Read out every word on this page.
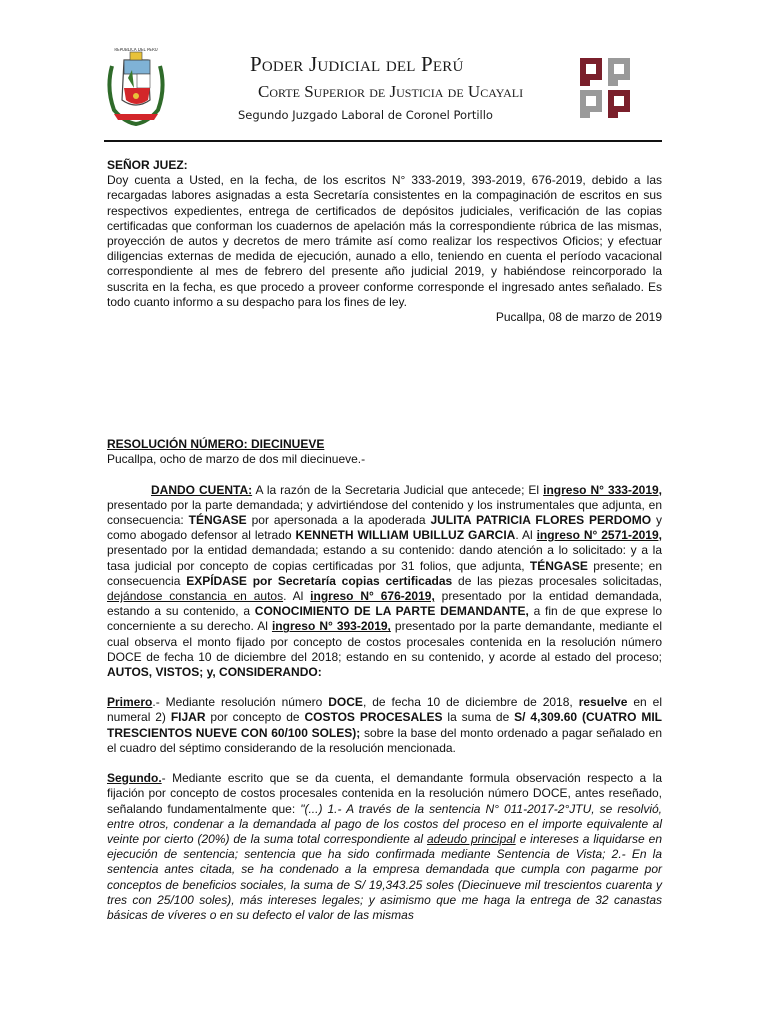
REPUBLICA DEL PERU
Poder Judicial del Perú
Corte Superior de Justicia de Ucayali
Segundo Juzgado Laboral de Coronel Portillo

SEÑOR JUEZ:

Doy cuenta a Usted, en la fecha, de los escritos N° 333-2019, 393-2019, 676-2019, debido a las recargadas labores asignadas a esta Secretaría consistentes en la compaginación de escritos en sus respectivos expedientes, entrega de certificados de depósitos judiciales, verificación de las copias certificadas que conforman los cuadernos de apelación más la correspondiente rúbrica de las mismas, proyección de autos y decretos de mero trámite así como realizar los respectivos Oficios; y efectuar diligencias externas de medida de ejecución, aunado a ello, teniendo en cuenta el período vacacional correspondiente al mes de febrero del presente año judicial 2019, y habiéndose reincorporado la suscrita en la fecha, es que procedo a proveer conforme corresponde el ingresado antes señalado. Es todo cuanto informo a su despacho para los fines de ley.

Pucallpa, 08 de marzo de 2019

RESOLUCIÓN NÚMERO: DIECINUEVE

Pucallpa, ocho de marzo de dos mil diecinueve.-

DANDO CUENTA: A la razón de la Secretaria Judicial que antecede; El ingreso N° 333-2019, presentado por la parte demandada; y advirtiéndose del contenido y los instrumentales que adjunta, en consecuencia: TÉNGASE por apersonada a la apoderada JULITA PATRICIA FLORES PERDOMO y como abogado defensor al letrado KENNETH WILLIAM UBILLUZ GARCIA. Al ingreso N° 2571-2019, presentado por la entidad demandada; estando a su contenido: dando atención a lo solicitado: y a la tasa judicial por concepto de copias certificadas por 31 folios, que adjunta, TÉNGASE presente; en consecuencia EXPÍDASE por Secretaría copias certificadas de las piezas procesales solicitadas, dejándose constancia en autos. Al ingreso N° 676-2019, presentado por la entidad demandada, estando a su contenido, a CONOCIMIENTO DE LA PARTE DEMANDANTE, a fin de que exprese lo concerniente a su derecho. Al ingreso N° 393-2019, presentado por la parte demandante, mediante el cual observa el monto fijado por concepto de costos procesales contenida en la resolución número DOCE de fecha 10 de diciembre del 2018; estando en su contenido, y acorde al estado del proceso; AUTOS, VISTOS; y, CONSIDERANDO:

Primero.- Mediante resolución número DOCE, de fecha 10 de diciembre de 2018, resuelve en el numeral 2) FIJAR por concepto de COSTOS PROCESALES la suma de S/ 4,309.60 (CUATRO MIL TRESCIENTOS NUEVE CON 60/100 SOLES); sobre la base del monto ordenado a pagar señalado en el cuadro del séptimo considerando de la resolución mencionada.

Segundo.- Mediante escrito que se da cuenta, el demandante formula observación respecto a la fijación por concepto de costos procesales contenida en la resolución número DOCE, antes reseñado, señalando fundamentalmente que: "(...) 1.- A través de la sentencia N° 011-2017-2°JTU, se resolvió, entre otros, condenar a la demandada al pago de los costos del proceso en el importe equivalente al veinte por cierto (20%) de la suma total correspondiente al adeudo principal e intereses a liquidarse en ejecución de sentencia; sentencia que ha sido confirmada mediante Sentencia de Vista; 2.- En la sentencia antes citada, se ha condenado a la empresa demandada que cumpla con pagarme por conceptos de beneficios sociales, la suma de S/ 19,343.25 soles (Diecinueve mil trescientos cuarenta y tres con 25/100 soles), más intereses legales; y asimismo que me haga la entrega de 32 canastas básicas de víveres o en su defecto el valor de las mismas
